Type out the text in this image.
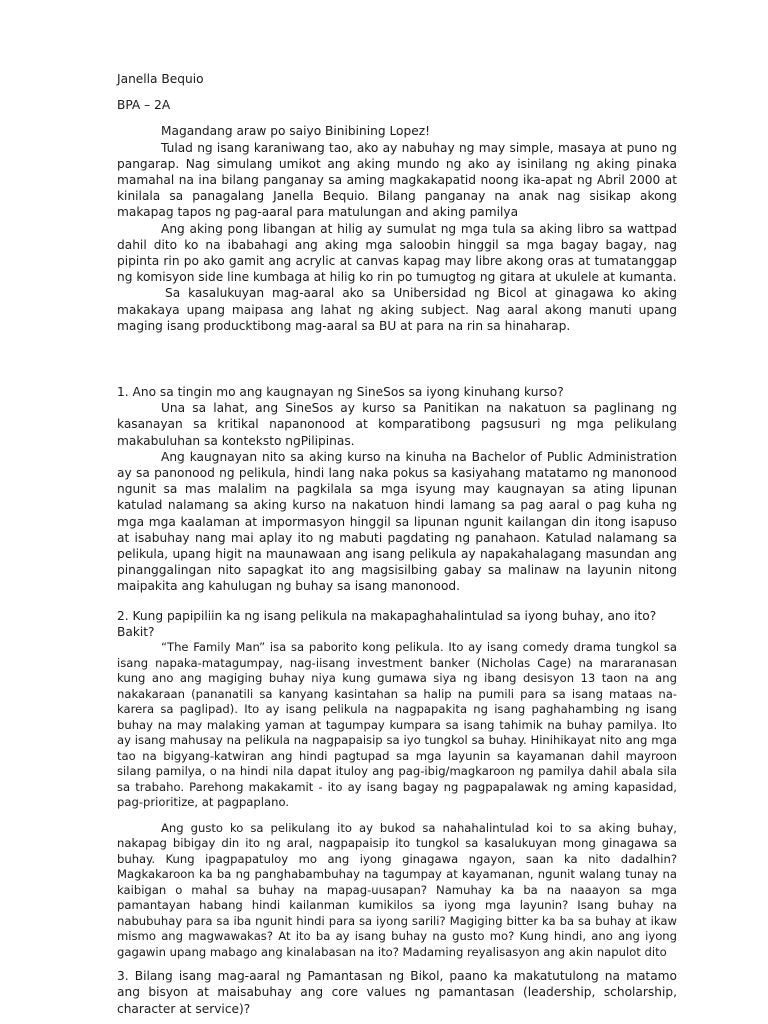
Janella Bequio

BPA – 2A

Magandang araw po saiyo Binibining Lopez!

Tulad ng isang karaniwang tao, ako ay nabuhay ng may simple, masaya at puno ng pangarap. Nag simulang umikot ang aking mundo ng ako ay isinilang ng aking pinaka mamahal na ina bilang panganay sa aming magkakapatid noong ika-apat ng Abril 2000 at kinilala sa panagalang Janella Bequio. Bilang panganay na anak nag sisikap akong makapag tapos ng pag-aaral para matulungan and aking pamilya

Ang aking pong libangan at hilig ay sumulat ng mga tula sa aking libro sa wattpad dahil dito ko na ibabahagi ang aking mga saloobin hinggil sa mga bagay bagay, nag pipinta rin po ako gamit ang acrylic at canvas kapag may libre akong oras at tumatanggap ng komisyon side line kumbaga at hilig ko rin po tumugtog ng gitara at ukulele at kumanta.

Sa kasalukuyan mag-aaral ako sa Unibersidad ng Bicol at ginagawa ko aking makakaya upang maipasa ang lahat ng aking subject. Nag aaral akong manuti upang maging isang producktibong mag-aaral sa BU at para na rin sa hinaharap.

1. Ano sa tingin mo ang kaugnayan ng SineSos sa iyong kinuhang kurso?

Una sa lahat, ang SineSos ay kurso sa Panitikan na nakatuon sa paglinang ng kasanayan sa kritikal napanonood at komparatibong pagsusuri ng mga pelikulang makabuluhan sa konteksto ngPilipinas.

Ang kaugnayan nito sa aking kurso na kinuha na Bachelor of Public Administration ay sa panonood ng pelikula, hindi lang naka pokus sa kasiyahang matatamo ng manonood ngunit sa mas malalim na pagkilala sa mga isyung may kaugnayan sa ating lipunan katulad nalamang sa aking kurso na nakatuon hindi lamang sa pag aaral o pag kuha ng mga mga kaalaman at impormasyon hinggil sa lipunan ngunit kailangan din itong isapuso at isabuhay nang mai aplay ito ng mabuti pagdating ng panahaon. Katulad nalamang sa pelikula, upang higit na maunawaan ang isang pelikula ay napakahalagang masundan ang pinanggalingan nito sapagkat ito ang magsisilbing gabay sa malinaw na layunin nitong maipakita ang kahulugan ng buhay sa isang manonood.

2. Kung papipiliin ka ng isang pelikula na makapaghahalintulad sa iyong buhay, ano ito? Bakit?

“The Family Man” isa sa paborito kong pelikula. Ito ay isang comedy drama tungkol sa isang napaka-matagumpay, nag-iisang investment banker (Nicholas Cage) na mararanasan kung ano ang magiging buhay niya kung gumawa siya ng ibang desisyon 13 taon na ang nakakaraan (pananatili sa kanyang kasintahan sa halip na pumili para sa isang mataas na- karera sa paglipad). Ito ay isang pelikula na nagpapakita ng isang paghahambing ng isang buhay na may malaking yaman at tagumpay kumpara sa isang tahimik na buhay pamilya. Ito ay isang mahusay na pelikula na nagpapaisip sa iyo tungkol sa buhay. Hinihikayat nito ang mga tao na bigyang-katwiran ang hindi pagtupad sa mga layunin sa kayamanan dahil mayroon silang pamilya, o na hindi nila dapat ituloy ang pag-ibig/magkaroon ng pamilya dahil abala sila sa trabaho. Parehong makakamit - ito ay isang bagay ng pagpapalawak ng aming kapasidad, pag-prioritize, at pagpaplano.

Ang gusto ko sa pelikulang ito ay bukod sa nahahalintulad koi to sa aking buhay, nakapag bibigay din ito ng aral, nagpapaisip ito tungkol sa kasalukuyan mong ginagawa sa buhay. Kung ipagpapatuloy mo ang iyong ginagawa ngayon, saan ka nito dadalhin? Magkakaroon ka ba ng panghabambuhay na tagumpay at kayamanan, ngunit walang tunay na kaibigan o mahal sa buhay na mapag-uusapan? Namuhay ka ba na naaayon sa mga pamantayan habang hindi kailanman kumikilos sa iyong mga layunin? Isang buhay na nabubuhay para sa iba ngunit hindi para sa iyong sarili? Magiging bitter ka ba sa buhay at ikaw mismo ang magwawakas? At ito ba ay isang buhay na gusto mo? Kung hindi, ano ang iyong gagawin upang mabago ang kinalabasan na ito? Madaming reyalisasyon ang akin napulot dito

3. Bilang isang mag-aaral ng Pamantasan ng Bikol, paano ka makatutulong na matamo ang bisyon at maisabuhay ang core values ng pamantasan (leadership, scholarship, character at service)?
